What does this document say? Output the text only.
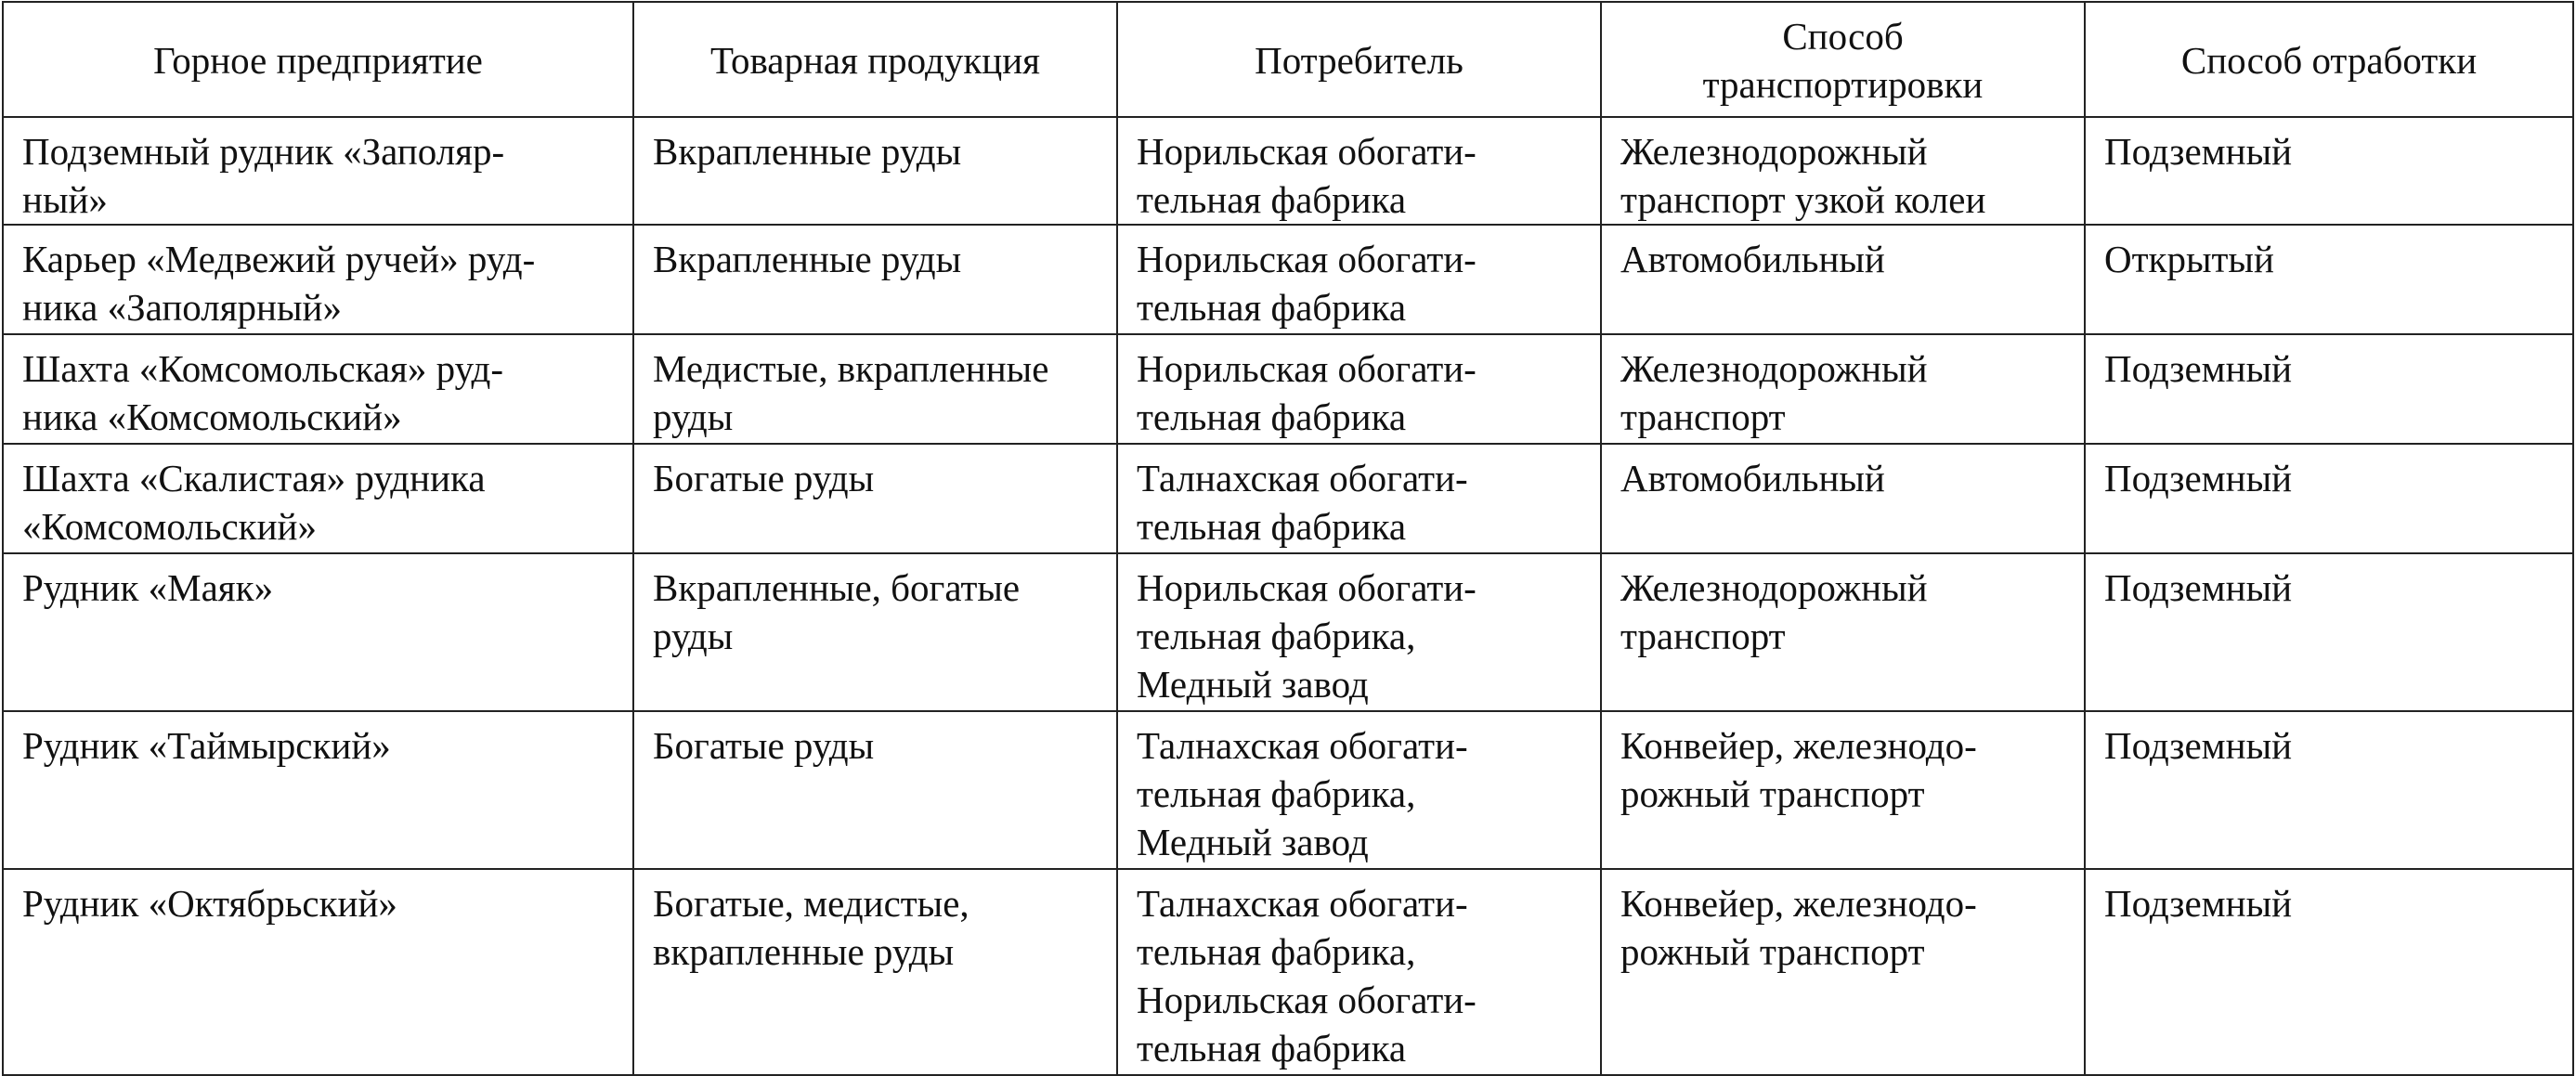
Горное предприятие	Товарная продукция	Потребитель	Способ
транспортировки	Способ отработки

Подземный рудник «Заполяр-
ный»	Вкрапленные руды	Норильская обогати-
тельная фабрика	Железнодорожный
транспорт узкой колеи	Подземный

Карьер «Медвежий ручей» руд-
ника «Заполярный»	Вкрапленные руды	Норильская обогати-
тельная фабрика	Автомобильный	Открытый

Шахта «Комсомольская» руд-
ника «Комсомольский»	Медистые, вкрапленные
руды	Норильская обогати-
тельная фабрика	Железнодорожный
транспорт	Подземный

Шахта «Скалистая» рудника
«Комсомольский»	Богатые руды	Талнахская обогати-
тельная фабрика	Автомобильный	Подземный

Рудник «Маяк»	Вкрапленные, богатые
руды	Норильская обогати-
тельная фабрика,
Медный завод	Железнодорожный
транспорт	Подземный

Рудник «Таймырский»	Богатые руды	Талнахская обогати-
тельная фабрика,
Медный завод	Конвейер, железнодо-
рожный транспорт	Подземный

Рудник «Октябрьский»	Богатые, медистые,
вкрапленные руды	Талнахская обогати-
тельная фабрика,
Норильская обогати-
тельная фабрика	Конвейер, железнодо-
рожный транспорт	Подземный
